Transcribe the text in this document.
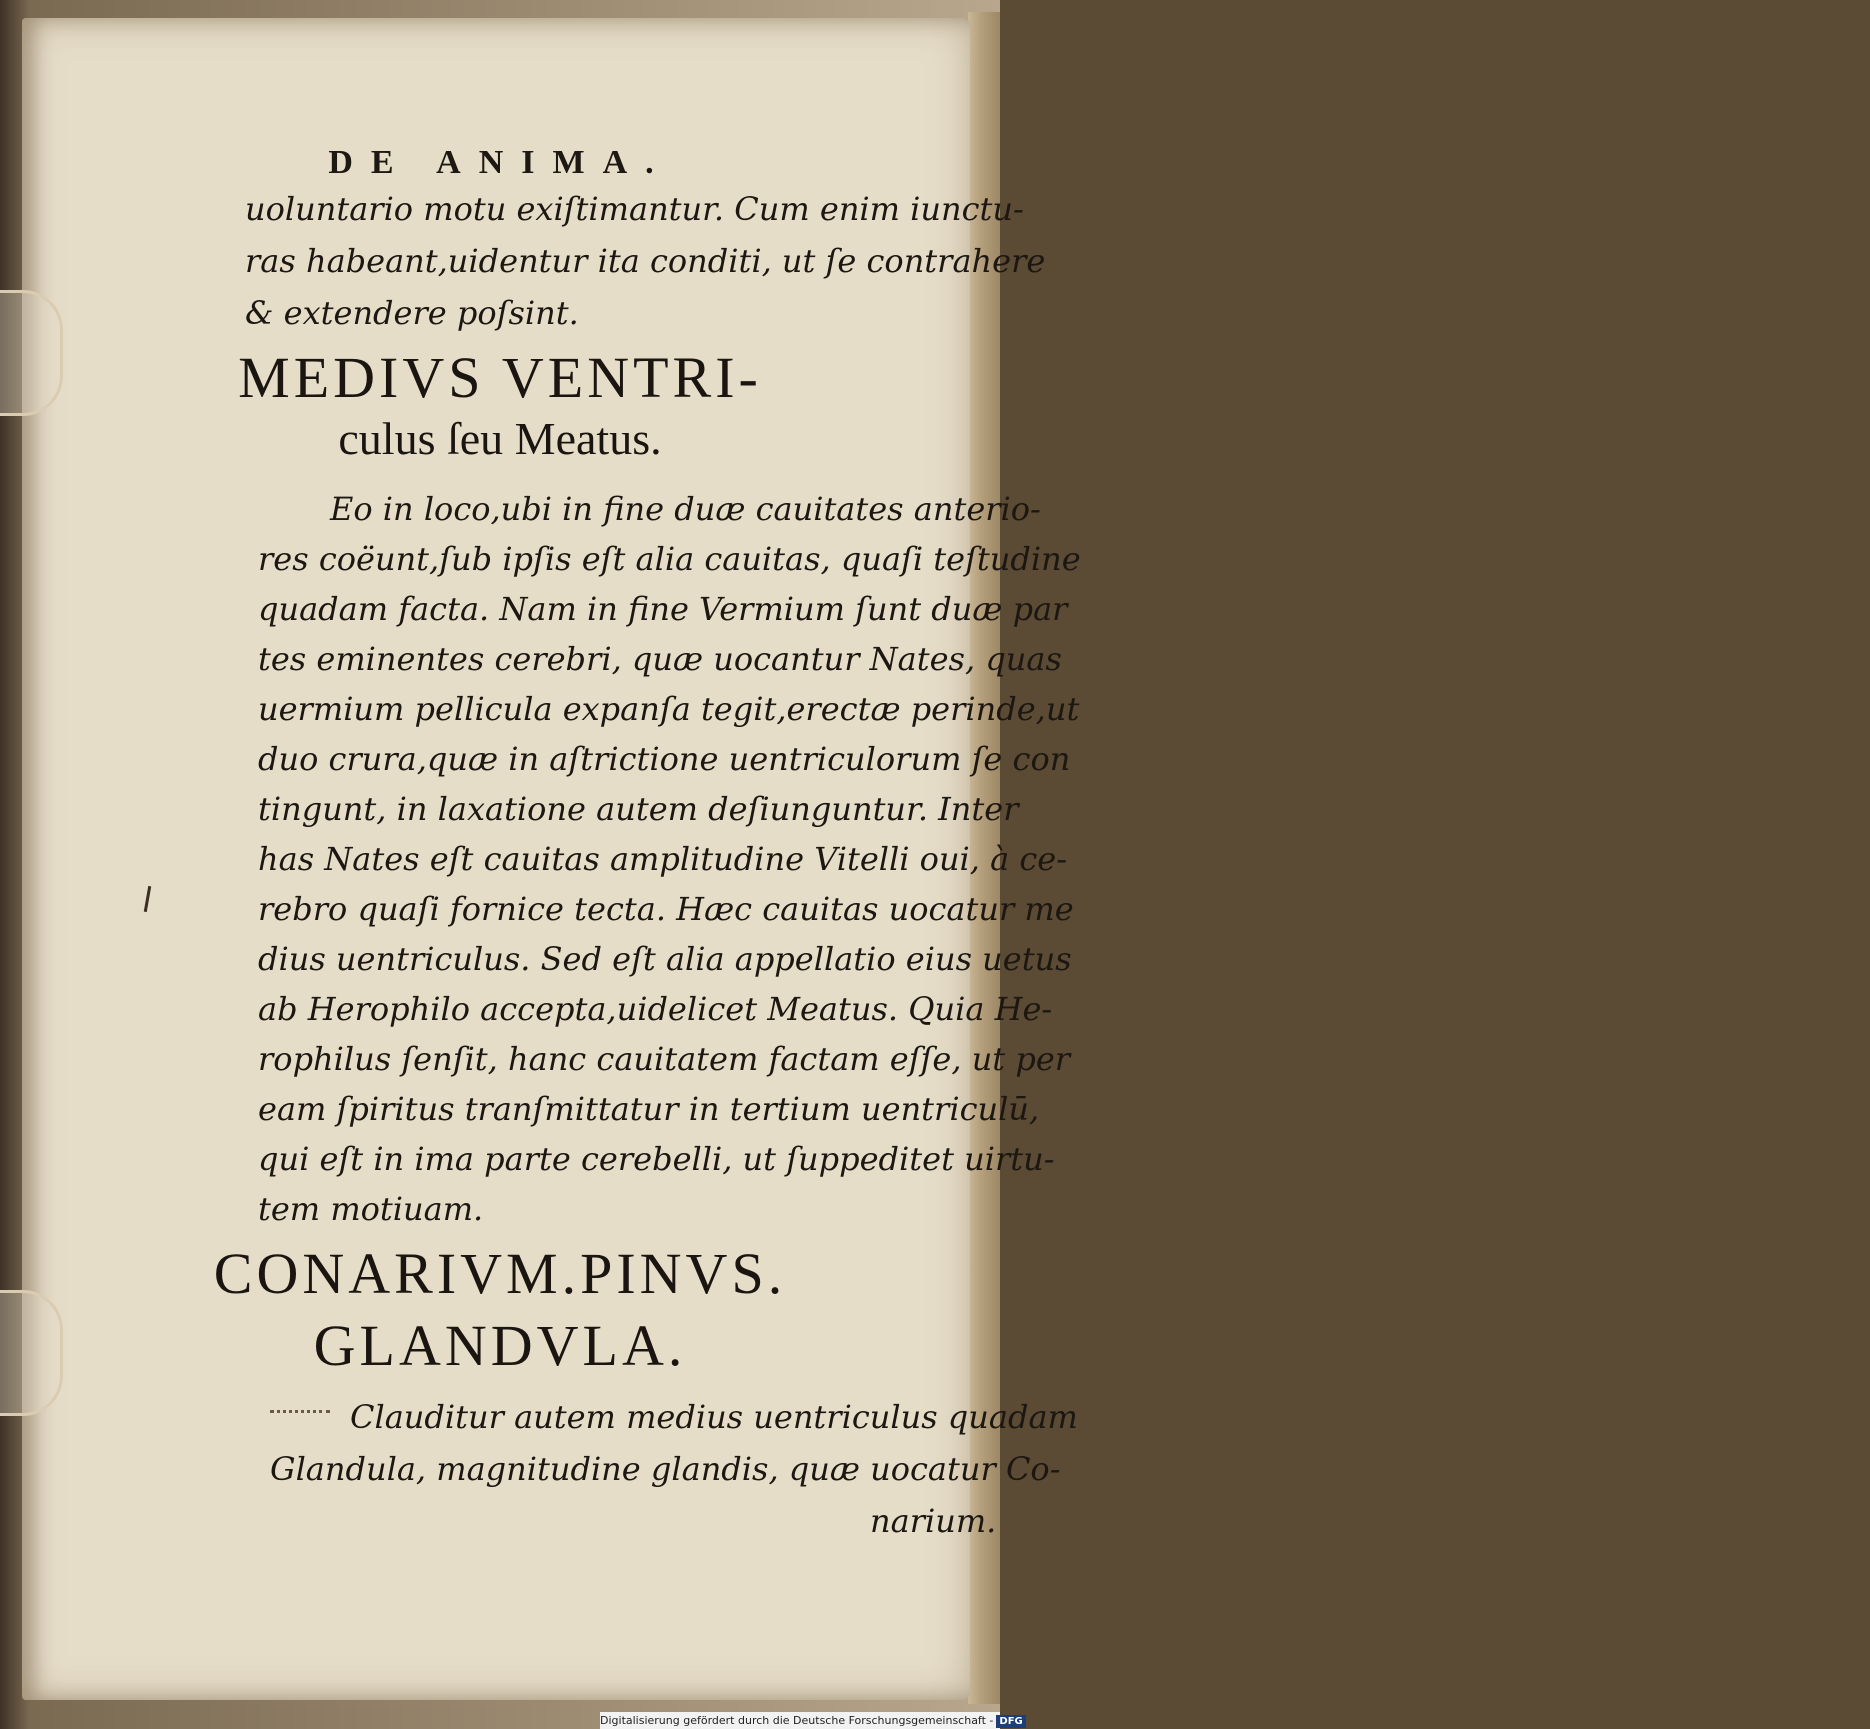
DE ANIMA.
uoluntario motu exiſtimantur. Cum enim iunctu-
ras habeant,uidentur ita conditi, ut ſe contrahere
& extendere poſsint.
MEDIVS VENTRI-
culus ſeu Meatus.
Eo in loco,ubi in fine duæ cauitates anterio-
res coëunt,ſub ipſis eſt alia cauitas, quaſi teſtudine
quadam facta. Nam in fine Vermium ſunt duæ par
tes eminentes cerebri, quæ uocantur Nates, quas
uermium pellicula expanſa tegit,erectæ perinde,ut
duo crura,quæ in aſtrictione uentriculorum ſe con
tingunt, in laxatione autem deſiunguntur. Inter
has Nates eſt cauitas amplitudine Vitelli oui, à ce-
rebro quaſi fornice tecta. Hæc cauitas uocatur me
dius uentriculus. Sed eſt alia appellatio eius uetus
ab Herophilo accepta,uidelicet Meatus. Quia He-
rophilus ſenſit, hanc cauitatem factam eſſe, ut per
eam ſpiritus tranſmittatur in tertium uentriculū,
qui eſt in ima parte cerebelli, ut ſuppeditet uirtu-
tem motiuam.
CONARIVM.PINVS.
GLANDVLA.
Clauditur autem medius uentriculus quadam
Glandula, magnitudine glandis, quæ uocatur Co-
narium.
Digitalisierung gefördert durch die Deutsche Forschungsgemeinschaft - DFG
